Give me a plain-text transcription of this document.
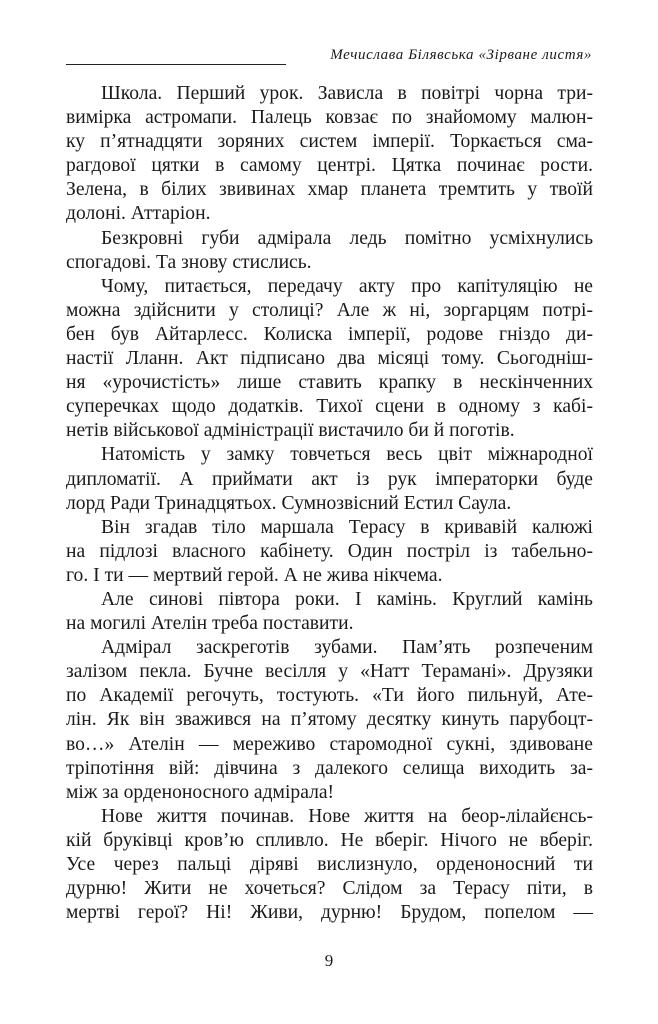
Мечислава Білявська «Зірване листя»
Школа. Перший урок. Зависла в повітрі чорна три-
вимірка астромапи. Палець ковзає по знайомому малюн-
ку п’ятнадцяти зоряних систем імперії. Торкається сма-
рагдової цятки в самому центрі. Цятка починає рости.
Зелена, в білих звивинах хмар планета тремтить у твоїй
долоні. Аттаріон.
Безкровні губи адмірала ледь помітно усміхнулись
спогадові. Та знову стислись.
Чому, питається, передачу акту про капітуляцію не
можна здійснити у столиці? Але ж ні, зоргарцям потрі-
бен був Айтарлесс. Колиска імперії, родове гніздо ди-
настії Лланн. Акт підписано два місяці тому. Сьогодніш-
ня «урочистість» лише ставить крапку в нескінченних
суперечках щодо додатків. Тихої сцени в одному з кабі-
нетів військової адміністрації вистачило би й поготів.
Натомість у замку товчеться весь цвіт міжнародної
дипломатії. А приймати акт із рук імператорки буде
лорд Ради Тринадцятьох. Сумнозвісний Естил Саула.
Він згадав тіло маршала Терасу в кривавій калюжі
на підлозі власного кабінету. Один постріл із табельно-
го. І ти — мертвий герой. А не жива нікчема.
Але синові півтора роки. І камінь. Круглий камінь
на могилі Ателін треба поставити.
Адмірал заскреготів зубами. Пам’ять розпеченим
залізом пекла. Бучне весілля у «Натт Терамані». Друзяки
по Академії регочуть, тостують. «Ти його пильнуй, Ате-
лін. Як він зважився на п’ятому десятку кинуть парубоцт-
во…» Ателін — мереживо старомодної сукні, здивоване
тріпотіння вій: дівчина з далекого селища виходить за-
між за орденоносного адмірала!
Нове життя починав. Нове життя на беор-лілайєнсь-
кій бруківці кров’ю спливло. Не вберіг. Нічого не вберіг.
Усе через пальці діряві вислизнуло, орденоносний ти
дурню! Жити не хочеться? Слідом за Терасу піти, в
мертві герої? Ні! Живи, дурню! Брудом, попелом —
9
